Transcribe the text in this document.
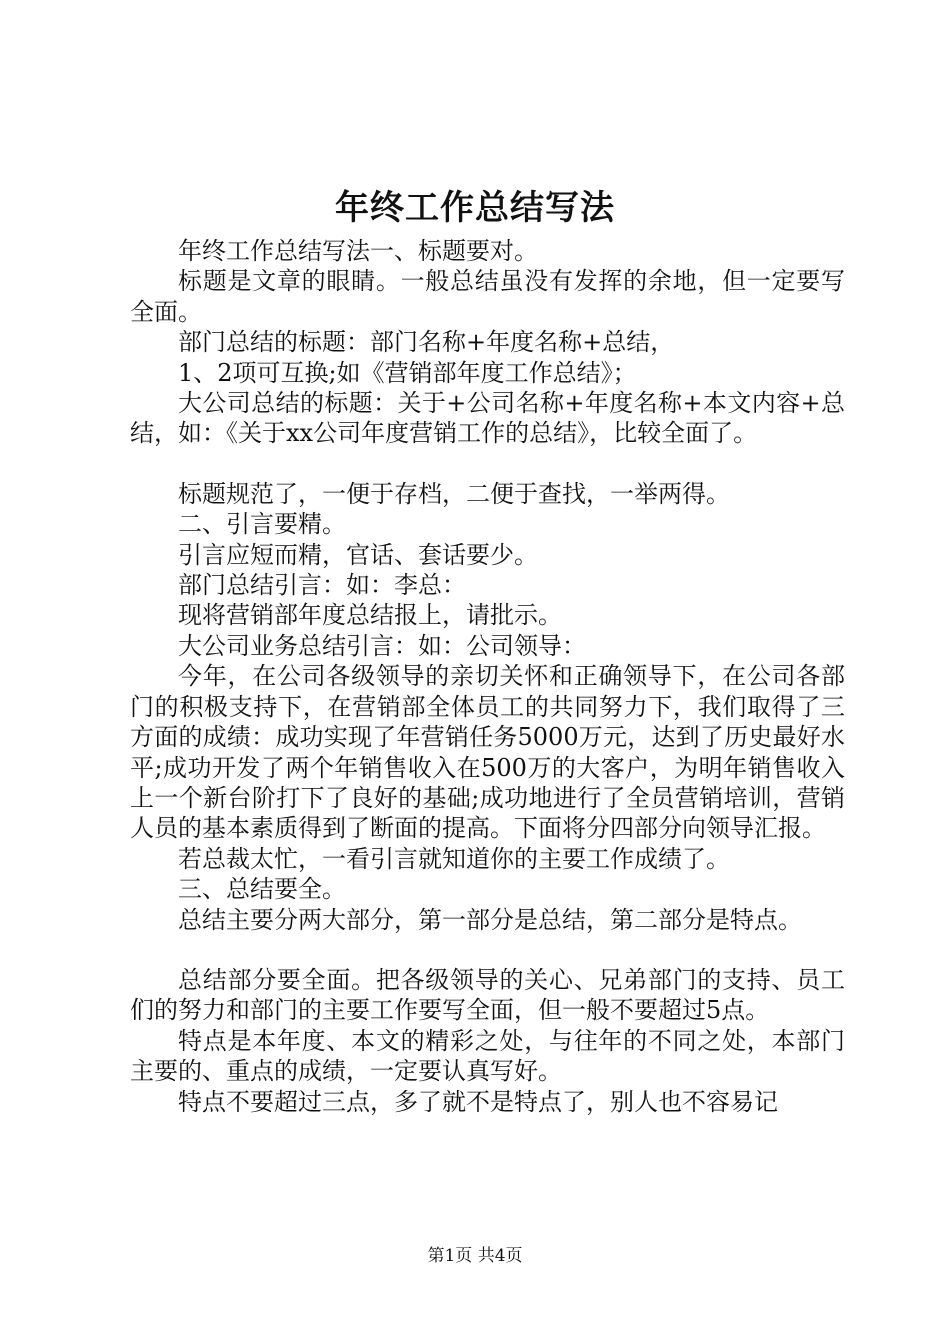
年终工作总结写法

年终工作总结写法一、标题要对。

标题是文章的眼睛。一般总结虽没有发挥的余地，但一定要写全面。

部门总结的标题：部门名称+年度名称+总结，

1、2项可互换;如《营销部年度工作总结》；

大公司总结的标题：关于+公司名称+年度名称+本文内容+总结，如：《关于xx公司年度营销工作的总结》，比较全面了。

标题规范了，一便于存档，二便于查找，一举两得。

二、引言要精。

引言应短而精，官话、套话要少。

部门总结引言：如：李总：

现将营销部年度总结报上，请批示。

大公司业务总结引言：如：公司领导：

今年，在公司各级领导的亲切关怀和正确领导下，在公司各部门的积极支持下，在营销部全体员工的共同努力下，我们取得了三方面的成绩：成功实现了年营销任务5000万元，达到了历史最好水平;成功开发了两个年销售收入在500万的大客户，为明年销售收入上一个新台阶打下了良好的基础;成功地进行了全员营销培训，营销人员的基本素质得到了断面的提高。下面将分四部分向领导汇报。

若总裁太忙，一看引言就知道你的主要工作成绩了。

三、总结要全。

总结主要分两大部分，第一部分是总结，第二部分是特点。

总结部分要全面。把各级领导的关心、兄弟部门的支持、员工们的努力和部门的主要工作要写全面，但一般不要超过5点。

特点是本年度、本文的精彩之处，与往年的不同之处，本部门主要的、重点的成绩，一定要认真写好。

特点不要超过三点，多了就不是特点了，别人也不容易记

第1页 共4页
